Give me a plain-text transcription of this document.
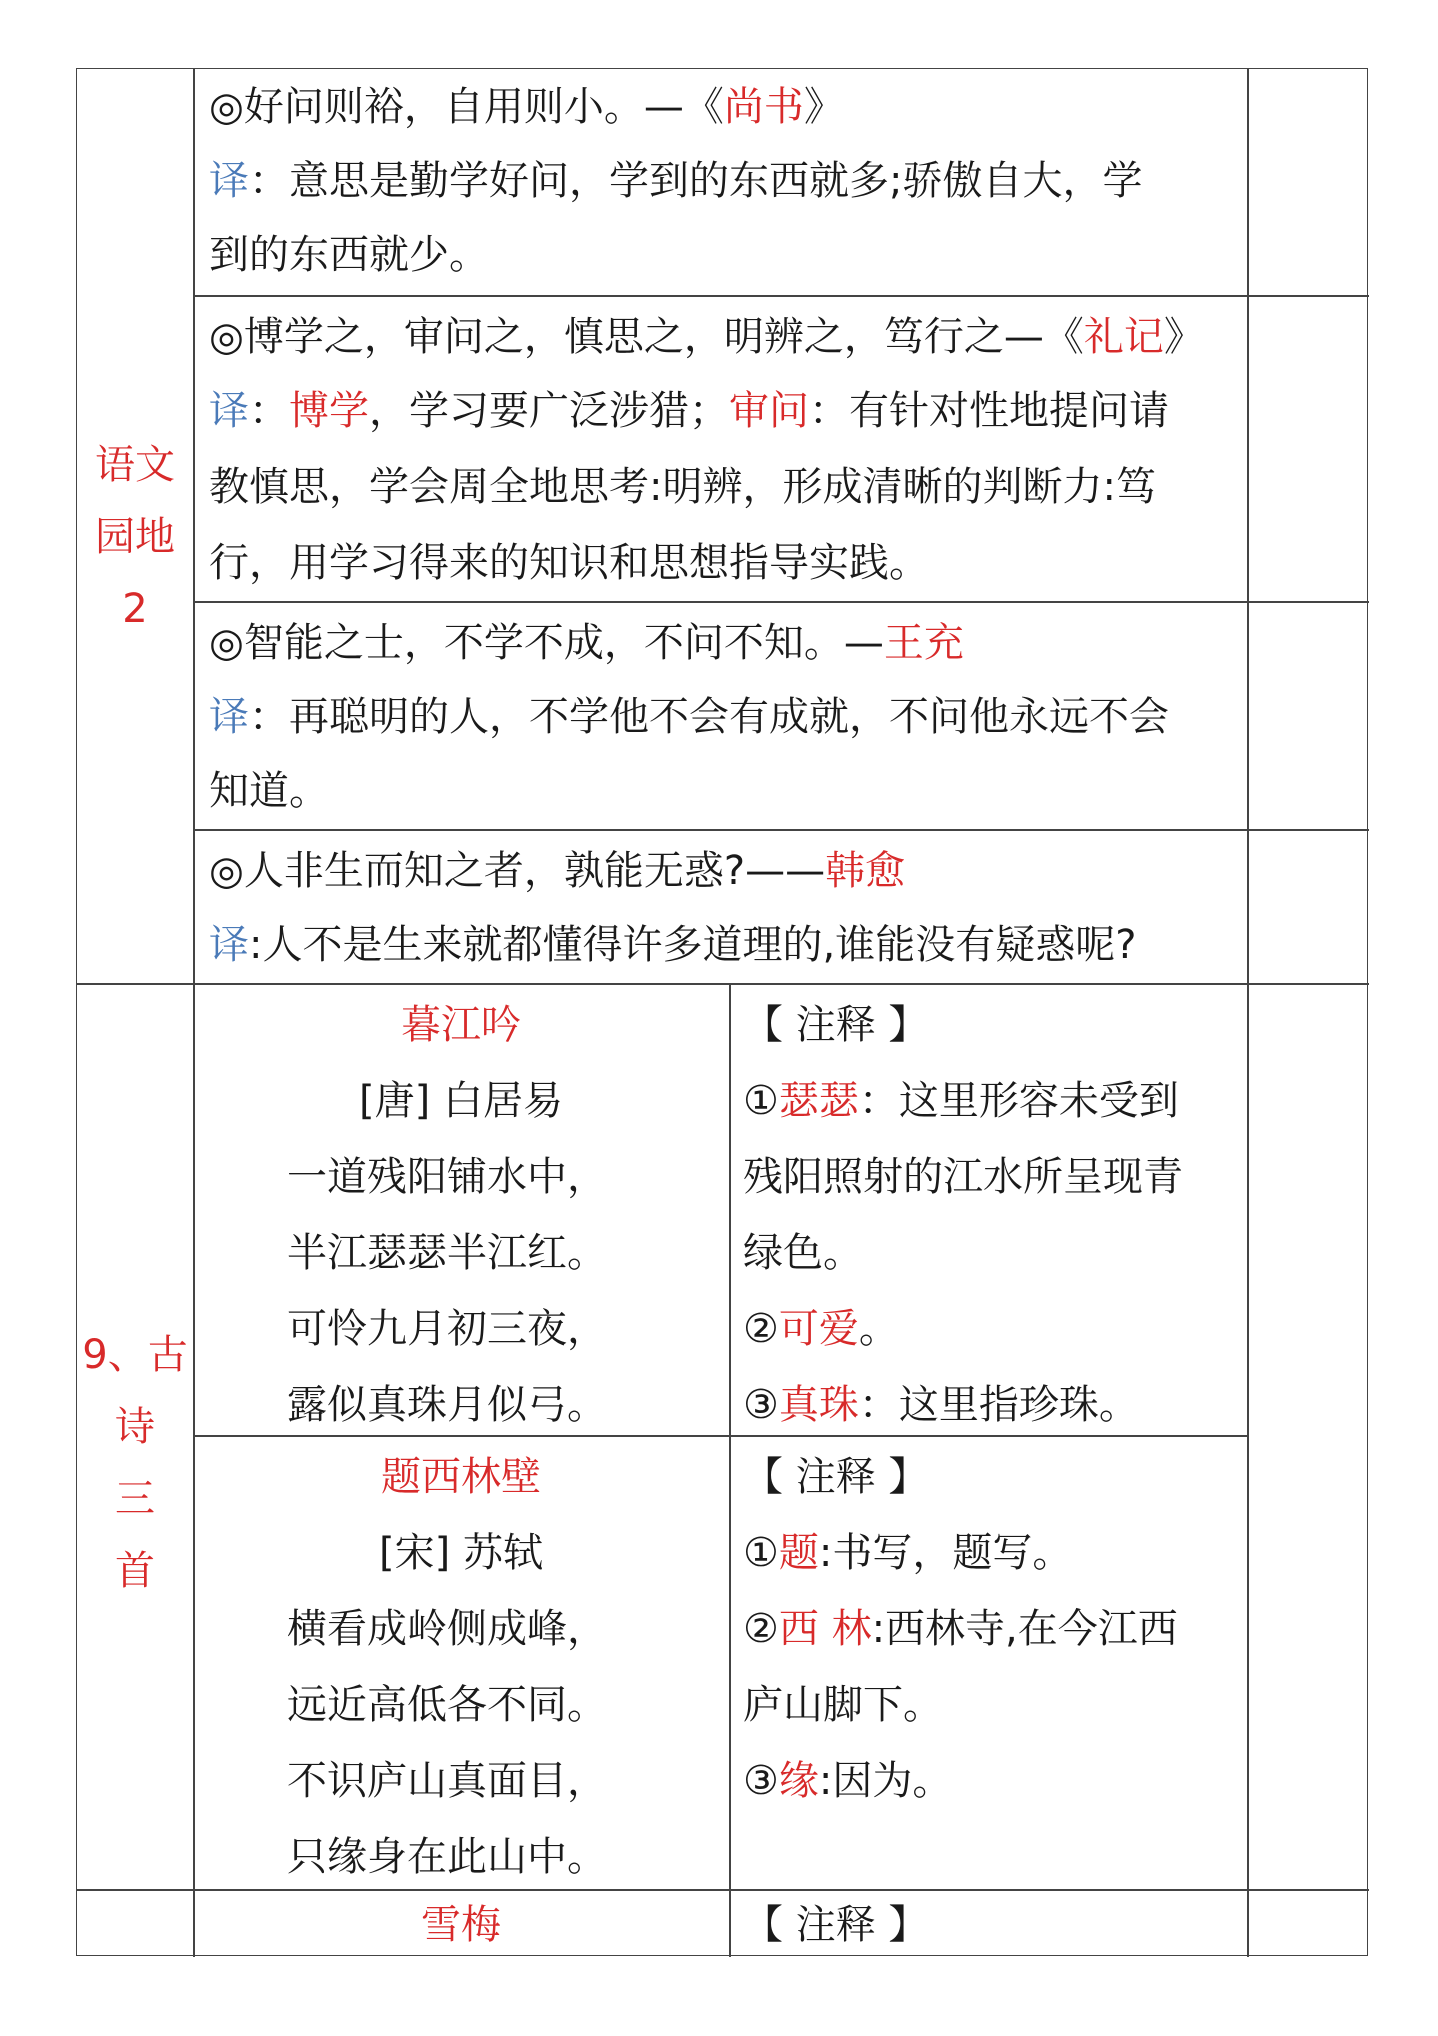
语文
园地
2
◎好问则裕，自用则小。—《尚书》
译：意思是勤学好问，学到的东西就多;骄傲自大，学
到的东西就少。
◎博学之，审问之，慎思之，明辨之，笃行之—《礼记》
译：博学，学习要广泛涉猎；审问：有针对性地提问请
教慎思，学会周全地思考:明辨，形成清晰的判断力:笃
行，用学习得来的知识和思想指导实践。
◎智能之士，不学不成，不问不知。—王充
译：再聪明的人，不学他不会有成就，不问他永远不会
知道。
◎人非生而知之者，孰能无惑?——韩愈
译:人不是生来就都懂得许多道理的,谁能没有疑惑呢?
9、古
诗
三
首
暮江吟
[唐] 白居易
一道残阳铺水中，
半江瑟瑟半江红。
可怜九月初三夜，
露似真珠月似弓。
【 注释 】
①瑟瑟：这里形容未受到
残阳照射的江水所呈现青
绿色。
②可爱。
③真珠：这里指珍珠。
题西林壁
[宋] 苏轼
横看成岭侧成峰，
远近高低各不同。
不识庐山真面目，
只缘身在此山中。
【 注释 】
①题:书写，题写。
②西 林:西林寺,在今江西
庐山脚下。
③缘:因为。
雪梅	【 注释 】
